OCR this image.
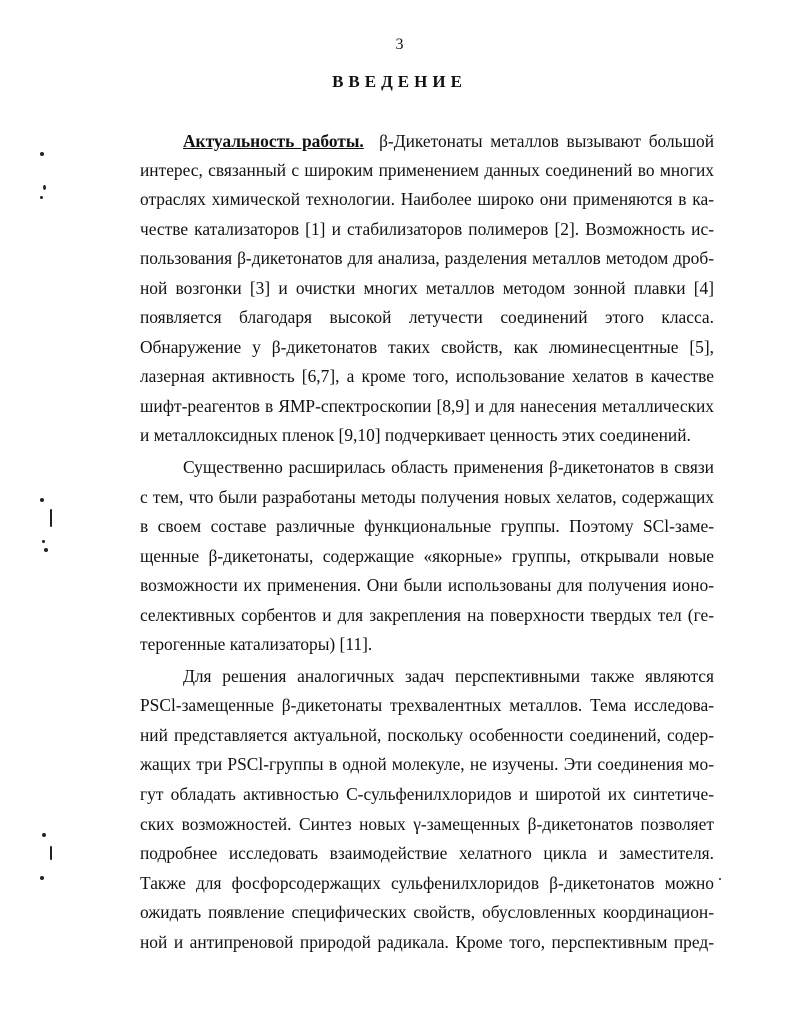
3
ВВЕДЕНИЕ
Актуальность работы. β-Дикетонаты металлов вызывают большой
интерес, связанный с широким применением данных соединений во многих
отраслях химической технологии. Наиболее широко они применяются в ка-
честве катализаторов [1] и стабилизаторов полимеров [2]. Возможность ис-
пользования β-дикетонатов для анализа, разделения металлов методом дроб-
ной возгонки [3] и очистки многих металлов методом зонной плавки [4]
появляется благодаря высокой летучести соединений этого класса.
Обнаружение у β-дикетонатов таких свойств, как люминесцентные [5],
лазерная активность [6,7], а кроме того, использование хелатов в качестве
шифт-реагентов в ЯМР-спектроскопии [8,9] и для нанесения металлических
и металлоксидных пленок [9,10] подчеркивает ценность этих соединений.
Существенно расширилась область применения β-дикетонатов в связи
с тем, что были разработаны методы получения новых хелатов, содержащих
в своем составе различные функциональные группы. Поэтому SCl-заме-
щенные β-дикетонаты, содержащие «якорные» группы, открывали новые
возможности их применения. Они были использованы для получения ионо-
селективных сорбентов и для закрепления на поверхности твердых тел (ге-
терогенные катализаторы) [11].
Для решения аналогичных задач перспективными также являются
PSCl-замещенные β-дикетонаты трехвалентных металлов. Тема исследова-
ний представляется актуальной, поскольку особенности соединений, содер-
жащих три PSCl-группы в одной молекуле, не изучены. Эти соединения мо-
гут обладать активностью С-сульфенилхлоридов и широтой их синтетиче-
ских возможностей. Синтез новых γ-замещенных β-дикетонатов позволяет
подробнее исследовать взаимодействие хелатного цикла и заместителя.
Также для фосфорсодержащих сульфенилхлоридов β-дикетонатов можно
ожидать появление специфических свойств, обусловленных координацион-
ной и антипреновой природой радикала. Кроме того, перспективным пред-
